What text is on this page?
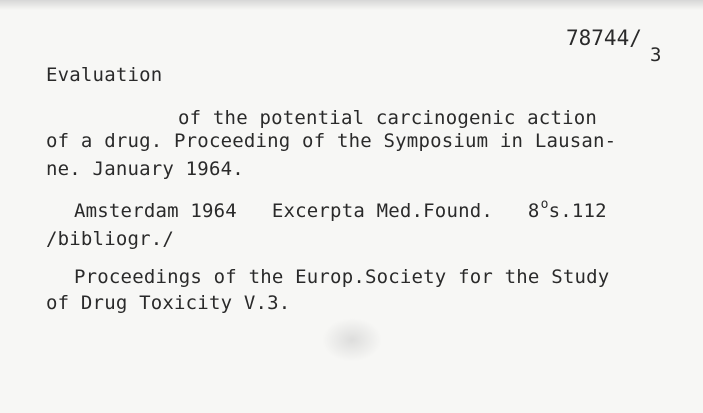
78744/
3
Evaluation
of the potential carcinogenic action
of a drug. Proceeding of the Symposium in Lausan-
ne. January 1964.
Amsterdam 1964   Excerpta Med.Found.   8$^o$s.112
/bibliogr./
Proceedings of the Europ.Society for the Study
of Drug Toxicity V.3.
